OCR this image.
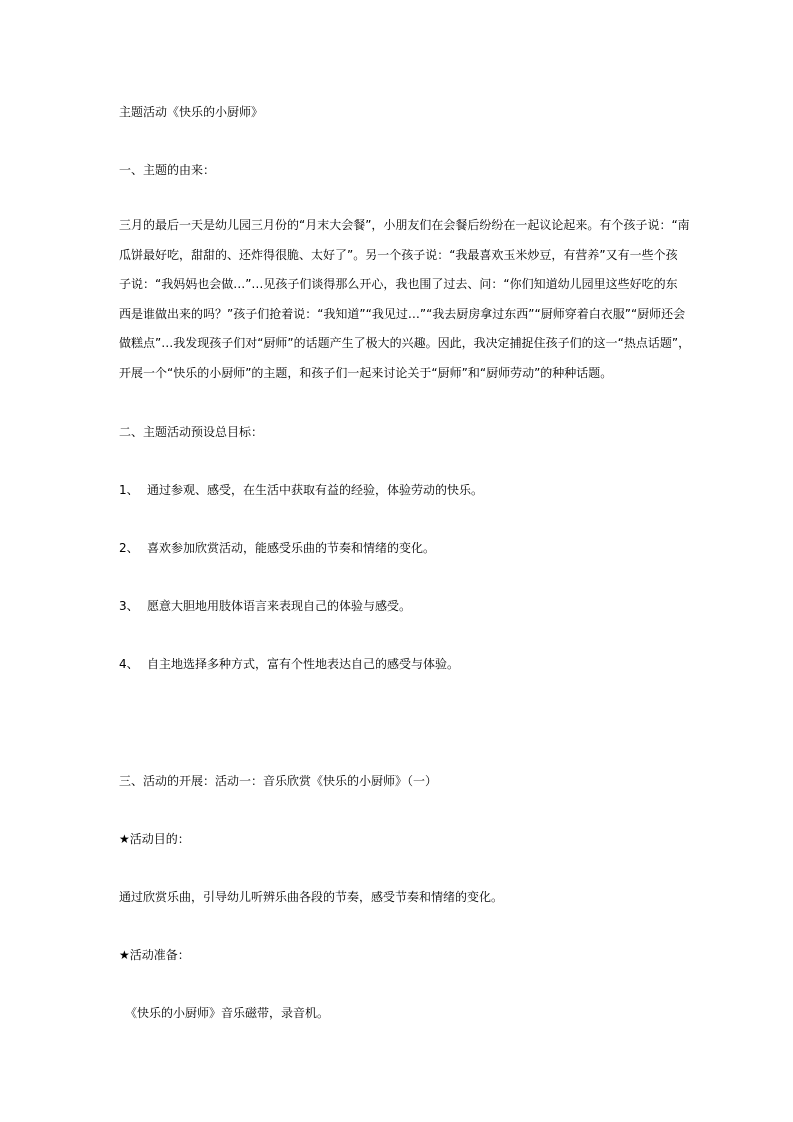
主题活动《快乐的小厨师》
一、主题的由来：
三月的最后一天是幼儿园三月份的“月末大会餐”，小朋友们在会餐后纷纷在一起议论起来。有个孩子说：“南
瓜饼最好吃，甜甜的、还炸得很脆、太好了”。另一个孩子说：“我最喜欢玉米炒豆，有营养”又有一些个孩
子说：“我妈妈也会做…”…见孩子们谈得那么开心，我也围了过去、问：“你们知道幼儿园里这些好吃的东
西是谁做出来的吗？”孩子们抢着说：“我知道”“我见过…”“我去厨房拿过东西”“厨师穿着白衣服”“厨师还会
做糕点”…我发现孩子们对“厨师”的话题产生了极大的兴趣。因此，我决定捕捉住孩子们的这一“热点话题”，
开展一个“快乐的小厨师”的主题，和孩子们一起来讨论关于“厨师”和“厨师劳动”的种种话题。
二、主题活动预设总目标：
1、 通过参观、感受，在生活中获取有益的经验，体验劳动的快乐。
2、 喜欢参加欣赏活动，能感受乐曲的节奏和情绪的变化。
3、 愿意大胆地用肢体语言来表现自己的体验与感受。
4、 自主地选择多种方式，富有个性地表达自己的感受与体验。
三、活动的开展：活动一：音乐欣赏《快乐的小厨师》（一）
★活动目的：
通过欣赏乐曲，引导幼儿听辨乐曲各段的节奏，感受节奏和情绪的变化。
★活动准备：
《快乐的小厨师》音乐磁带，录音机。
